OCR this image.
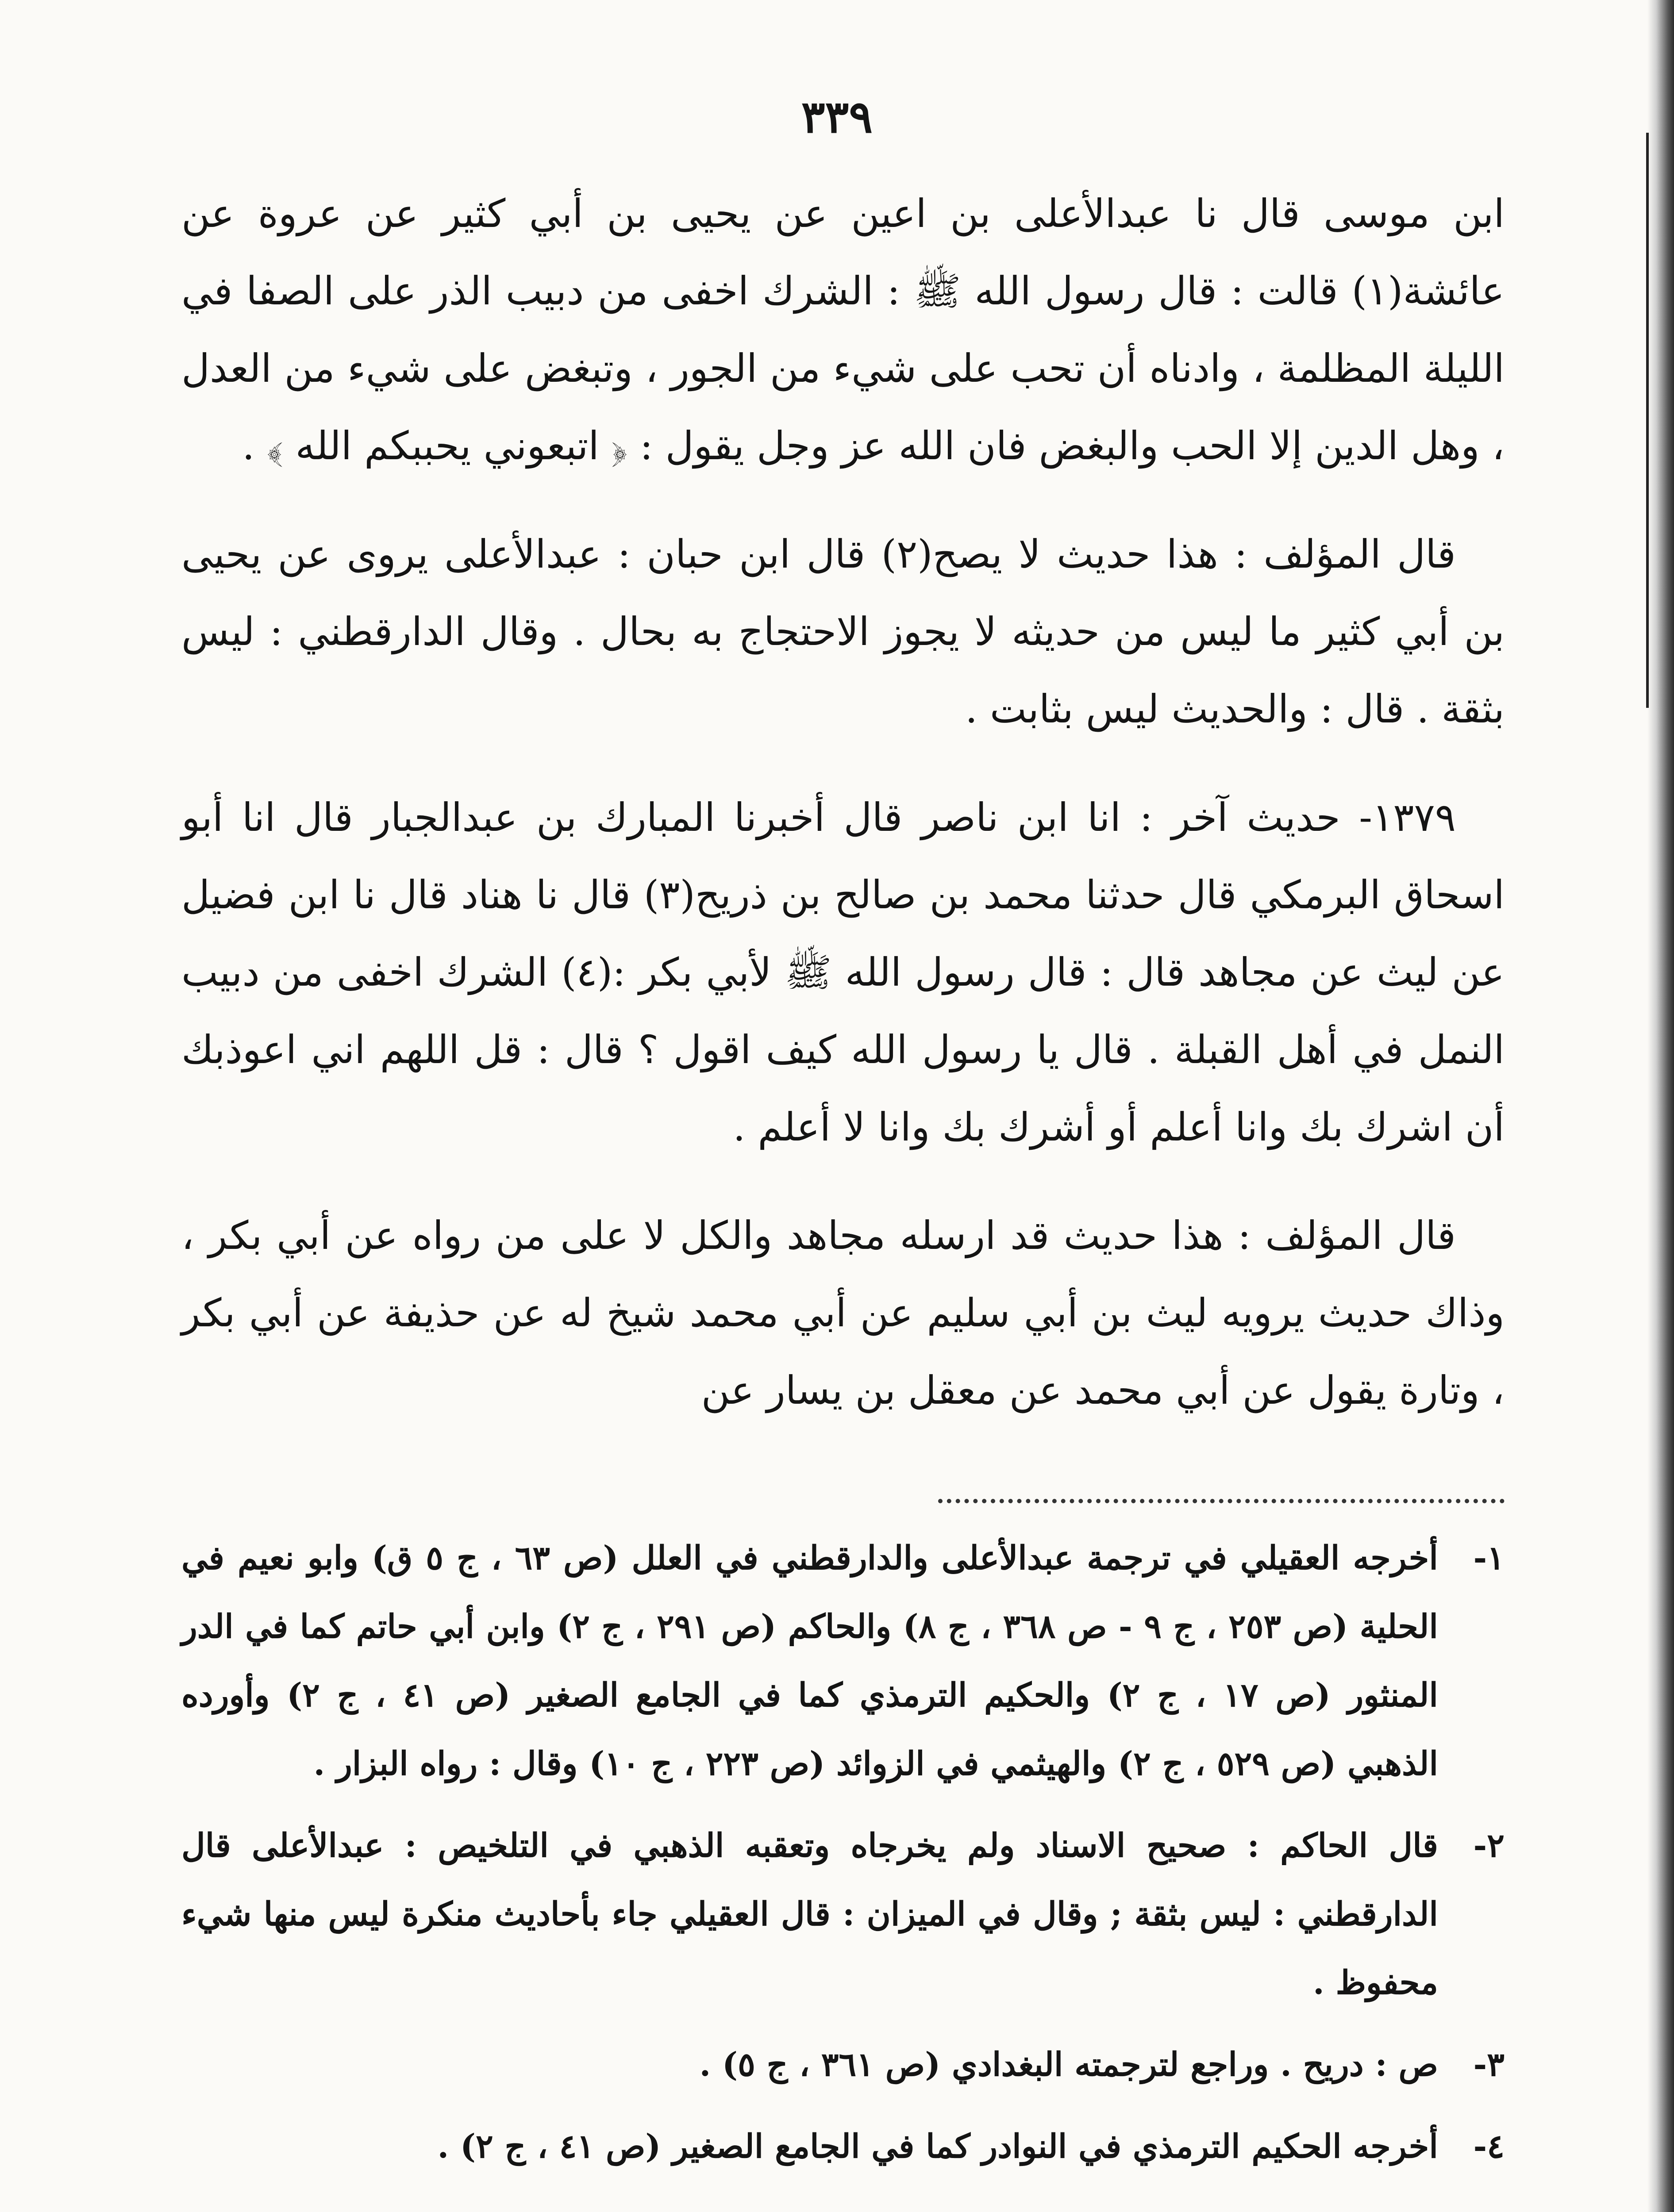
٣٣٩

ابن موسى قال نا عبدالأعلى بن اعين عن يحيى بن أبي كثير عن عروة عن عائشة(١) قالت : قال رسول الله ﷺ : الشرك اخفى من دبيب الذر على الصفا في الليلة المظلمة ، وادناه أن تحب على شيء من الجور ، وتبغض على شيء من العدل ، وهل الدين إلا الحب والبغض فان الله عز وجل يقول : ﴿ اتبعوني يحببكم الله ﴾ .

قال المؤلف : هذا حديث لا يصح(٢) قال ابن حبان : عبدالأعلى يروى عن يحيى بن أبي كثير ما ليس من حديثه لا يجوز الاحتجاج به بحال . وقال الدارقطني : ليس بثقة . قال : والحديث ليس بثابت .

١٣٧٩- حديث آخر : انا ابن ناصر قال أخبرنا المبارك بن عبدالجبار قال انا أبو اسحاق البرمكي قال حدثنا محمد بن صالح بن ذريح(٣) قال نا هناد قال نا ابن فضيل عن ليث عن مجاهد قال : قال رسول الله ﷺ لأبي بكر :(٤) الشرك اخفى من دبيب النمل في أهل القبلة . قال يا رسول الله كيف اقول ؟ قال : قل اللهم اني اعوذبك أن اشرك بك وانا أعلم أو أشرك بك وانا لا أعلم .

قال المؤلف : هذا حديث قد ارسله مجاهد والكل لا على من رواه عن أبي بكر ، وذاك حديث يرويه ليث بن أبي سليم عن أبي محمد شيخ له عن حذيفة عن أبي بكر ، وتارة يقول عن أبي محمد عن معقل بن يسار عن

١-
أخرجه العقيلي في ترجمة عبدالأعلى والدارقطني في العلل (ص ٦٣ ، ج ٥ ق) وابو نعيم في الحلية (ص ٢٥٣ ، ج ٩ - ص ٣٦٨ ، ج ٨) والحاكم (ص ٢٩١ ، ج ٢) وابن أبي حاتم كما في الدر المنثور (ص ١٧ ، ج ٢) والحكيم الترمذي كما في الجامع الصغير (ص ٤١ ، ج ٢) وأورده الذهبي (ص ٥٢٩ ، ج ٢) والهيثمي في الزوائد (ص ٢٢٣ ، ج ١٠) وقال : رواه البزار .
٢-
قال الحاكم : صحيح الاسناد ولم يخرجاه وتعقبه الذهبي في التلخيص : عبدالأعلى قال الدارقطني : ليس بثقة ; وقال في الميزان : قال العقيلي جاء بأحاديث منكرة ليس منها شيء محفوظ .
٣-
ص : دريح . وراجع لترجمته البغدادي (ص ٣٦١ ، ج ٥) .
٤-
أخرجه الحكيم الترمذي في النوادر كما في الجامع الصغير (ص ٤١ ، ج ٢) .
